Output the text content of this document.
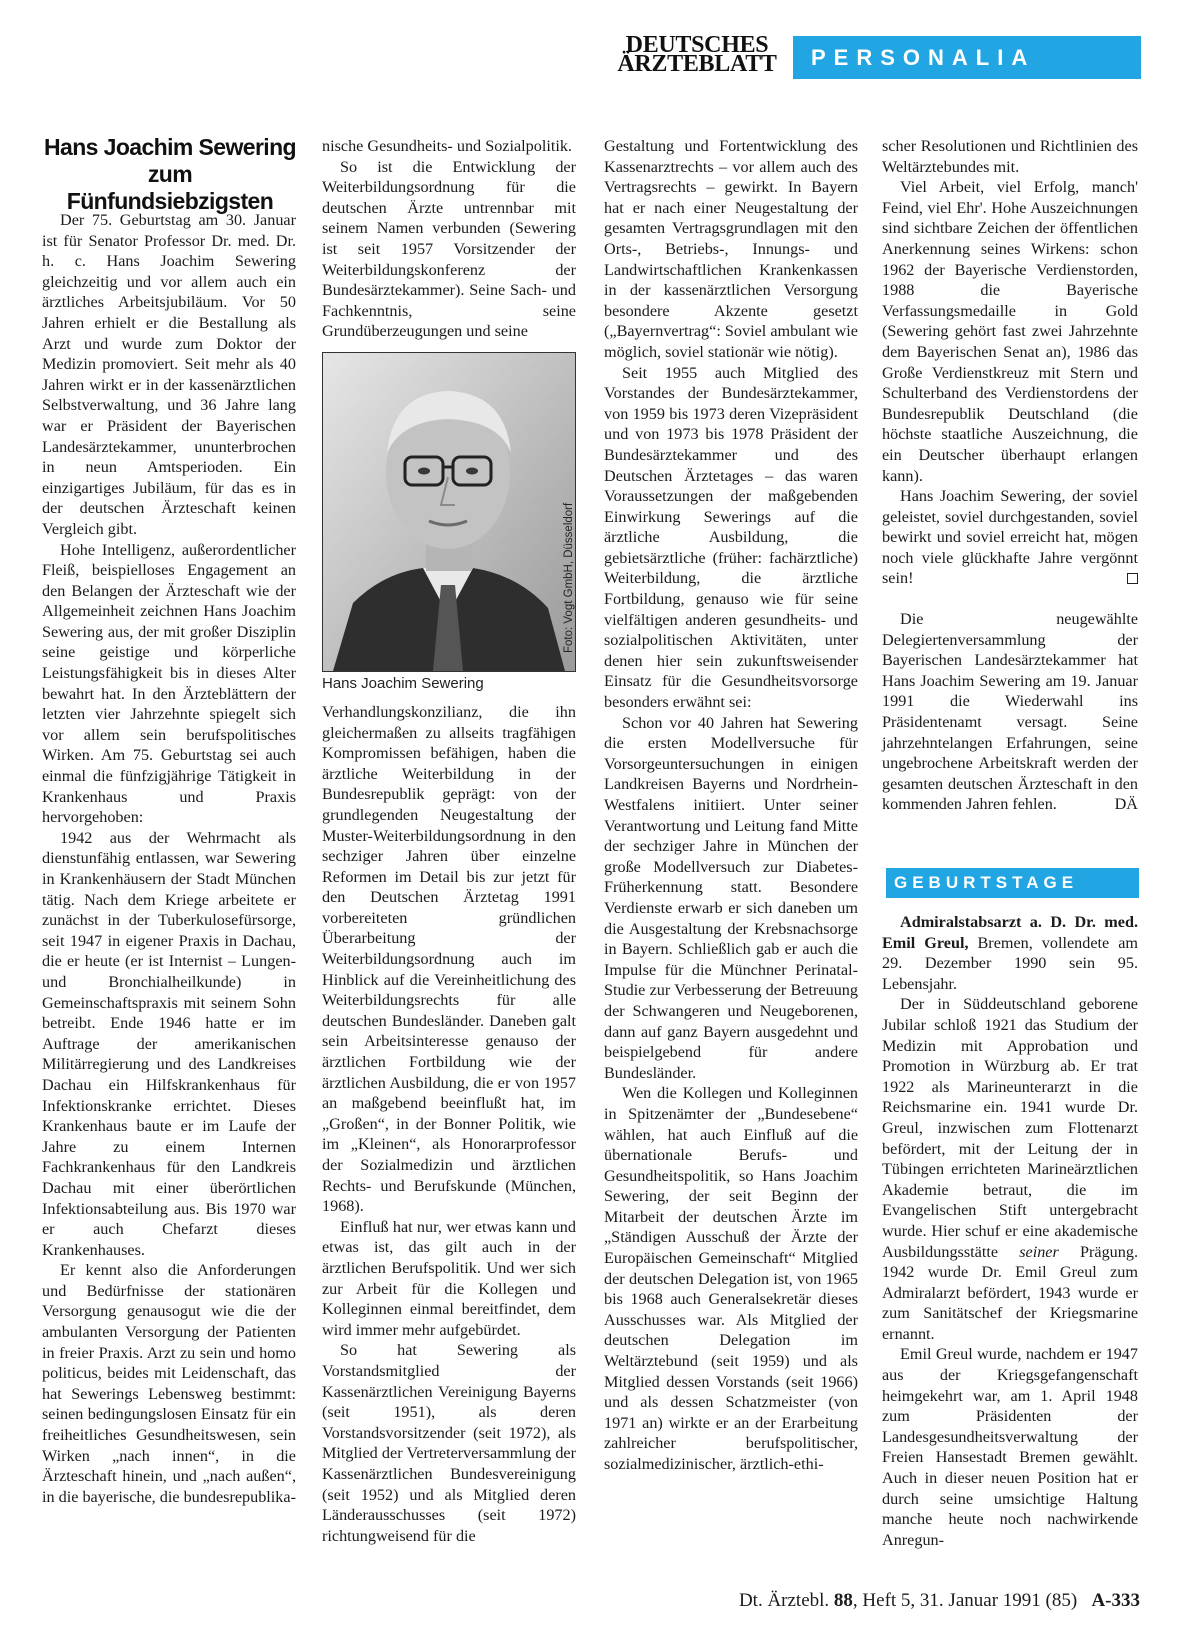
DEUTSCHES
ÄRZTEBLATT	PERSONALIA
Hans Joachim Sewering zum Fünfundsiebzigsten

Der 75. Geburtstag am 30. Januar ist für Senator Professor Dr. med. Dr. h. c. Hans Joachim Sewering gleichzeitig und vor allem auch ein ärztliches Arbeitsjubiläum. Vor 50 Jahren erhielt er die Bestallung als Arzt und wurde zum Doktor der Medizin promoviert. Seit mehr als 40 Jahren wirkt er in der kassenärztlichen Selbstverwaltung, und 36 Jahre lang war er Präsident der Bayerischen Landesärztekammer, ununterbrochen in neun Amtsperioden. Ein einzigartiges Jubiläum, für das es in der deutschen Ärzteschaft keinen Vergleich gibt.

Hohe Intelligenz, außerordentlicher Fleiß, beispielloses Engagement an den Belangen der Ärzteschaft wie der Allgemeinheit zeichnen Hans Joachim Sewering aus, der mit großer Disziplin seine geistige und körperliche Leistungsfähigkeit bis in dieses Alter bewahrt hat. In den Ärzteblättern der letzten vier Jahrzehnte spiegelt sich vor allem sein berufspolitisches Wirken. Am 75. Geburtstag sei auch einmal die fünfzigjährige Tätigkeit in Krankenhaus und Praxis hervorgehoben:

1942 aus der Wehrmacht als dienstunfähig entlassen, war Sewering in Krankenhäusern der Stadt München tätig. Nach dem Kriege arbeitete er zunächst in der Tuberkulosefürsorge, seit 1947 in eigener Praxis in Dachau, die er heute (er ist Internist – Lungen- und Bronchialheilkunde) in Gemeinschaftspraxis mit seinem Sohn betreibt. Ende 1946 hatte er im Auftrage der amerikanischen Militärregierung und des Landkreises Dachau ein Hilfskrankenhaus für Infektionskranke errichtet. Dieses Krankenhaus baute er im Laufe der Jahre zu einem Internen Fachkrankenhaus für den Landkreis Dachau mit einer überörtlichen Infektionsabteilung aus. Bis 1970 war er auch Chefarzt dieses Krankenhauses.

Er kennt also die Anforderungen und Bedürfnisse der stationären Versorgung genausogut wie die der ambulanten Versorgung der Patienten in freier Praxis. Arzt zu sein und homo politicus, beides mit Leidenschaft, das hat Sewerings Lebensweg bestimmt: seinen bedingungslosen Einsatz für ein freiheitliches Gesundheitswesen, sein Wirken „nach innen“, in die Ärzteschaft hinein, und „nach außen“, in die bayerische, die bundesrepublika-

nische Gesundheits- und Sozialpolitik.

So ist die Entwicklung der Weiterbildungsordnung für die deutschen Ärzte untrennbar mit seinem Namen verbunden (Sewering ist seit 1957 Vorsitzender der Weiterbildungskonferenz der Bundesärztekammer). Seine Sach- und Fachkenntnis, seine Grundüberzeugungen und seine

Foto: Vogt GmbH, Düsseldorf
Hans Joachim Sewering

Verhandlungskonzilianz, die ihn gleichermaßen zu allseits tragfähigen Kompromissen befähigen, haben die ärztliche Weiterbildung in der Bundesrepublik geprägt: von der grundlegenden Neugestaltung der Muster-Weiterbildungsordnung in den sechziger Jahren über einzelne Reformen im Detail bis zur jetzt für den Deutschen Ärztetag 1991 vorbereiteten gründlichen Überarbeitung der Weiterbildungsordnung auch im Hinblick auf die Vereinheitlichung des Weiterbildungsrechts für alle deutschen Bundesländer. Daneben galt sein Arbeitsinteresse genauso der ärztlichen Fortbildung wie der ärztlichen Ausbildung, die er von 1957 an maßgebend beeinflußt hat, im „Großen“, in der Bonner Politik, wie im „Kleinen“, als Honorarprofessor der Sozialmedizin und ärztlichen Rechts- und Berufskunde (München, 1968).

Einfluß hat nur, wer etwas kann und etwas ist, das gilt auch in der ärztlichen Berufspolitik. Und wer sich zur Arbeit für die Kollegen und Kolleginnen einmal bereitfindet, dem wird immer mehr aufgebürdet.

So hat Sewering als Vorstandsmitglied der Kassenärztlichen Vereinigung Bayerns (seit 1951), als deren Vorstandsvorsitzender (seit 1972), als Mitglied der Vertreterversammlung der Kassenärztlichen Bundesvereinigung (seit 1952) und als Mitglied deren Länderausschusses (seit 1972) richtungweisend für die

Gestaltung und Fortentwicklung des Kassenarztrechts – vor allem auch des Vertragsrechts – gewirkt. In Bayern hat er nach einer Neugestaltung der gesamten Vertragsgrundlagen mit den Orts-, Betriebs-, Innungs- und Landwirtschaftlichen Krankenkassen in der kassenärztlichen Versorgung besondere Akzente gesetzt („Bayernvertrag“: Soviel ambulant wie möglich, soviel stationär wie nötig).

Seit 1955 auch Mitglied des Vorstandes der Bundesärztekammer, von 1959 bis 1973 deren Vizepräsident und von 1973 bis 1978 Präsident der Bundesärztekammer und des Deutschen Ärztetages – das waren Voraussetzungen der maßgebenden Einwirkung Sewerings auf die ärztliche Ausbildung, die gebietsärztliche (früher: fachärztliche) Weiterbildung, die ärztliche Fortbildung, genauso wie für seine vielfältigen anderen gesundheits- und sozialpolitischen Aktivitäten, unter denen hier sein zukunftsweisender Einsatz für die Gesundheitsvorsorge besonders erwähnt sei:

Schon vor 40 Jahren hat Sewering die ersten Modellversuche für Vorsorgeuntersuchungen in einigen Landkreisen Bayerns und Nordrhein-Westfalens initiiert. Unter seiner Verantwortung und Leitung fand Mitte der sechziger Jahre in München der große Modellversuch zur Diabetes-Früherkennung statt. Besondere Verdienste erwarb er sich daneben um die Ausgestaltung der Krebsnachsorge in Bayern. Schließlich gab er auch die Impulse für die Münchner Perinatal-Studie zur Verbesserung der Betreuung der Schwangeren und Neugeborenen, dann auf ganz Bayern ausgedehnt und beispielgebend für andere Bundesländer.

Wen die Kollegen und Kolleginnen in Spitzenämter der „Bundesebene“ wählen, hat auch Einfluß auf die übernationale Berufs- und Gesundheitspolitik, so Hans Joachim Sewering, der seit Beginn der Mitarbeit der deutschen Ärzte im „Ständigen Ausschuß der Ärzte der Europäischen Gemeinschaft“ Mitglied der deutschen Delegation ist, von 1965 bis 1968 auch Generalsekretär dieses Ausschusses war. Als Mitglied der deutschen Delegation im Weltärztebund (seit 1959) und als Mitglied dessen Vorstands (seit 1966) und als dessen Schatzmeister (von 1971 an) wirkte er an der Erarbeitung zahlreicher berufspolitischer, sozialmedizinischer, ärztlich-ethi-

scher Resolutionen und Richtlinien des Weltärztebundes mit.

Viel Arbeit, viel Erfolg, manch' Feind, viel Ehr'. Hohe Auszeichnungen sind sichtbare Zeichen der öffentlichen Anerkennung seines Wirkens: schon 1962 der Bayerische Verdienstorden, 1988 die Bayerische Verfassungsmedaille in Gold (Sewering gehört fast zwei Jahrzehnte dem Bayerischen Senat an), 1986 das Große Verdienstkreuz mit Stern und Schulterband des Verdienstordens der Bundesrepublik Deutschland (die höchste staatliche Auszeichnung, die ein Deutscher überhaupt erlangen kann).

Hans Joachim Sewering, der soviel geleistet, soviel durchgestanden, soviel bewirkt und soviel erreicht hat, mögen noch viele glückhafte Jahre vergönnt sein!

Die neugewählte Delegiertenversammlung der Bayerischen Landesärztekammer hat Hans Joachim Sewering am 19. Januar 1991 die Wiederwahl ins Präsidentenamt versagt. Seine jahrzehntelangen Erfahrungen, seine ungebrochene Arbeitskraft werden der gesamten deutschen Ärzteschaft in den kommenden Jahren fehlen.	DÄ

GEBURTSTAGE

Admiralstabsarzt a. D. Dr. med. Emil Greul, Bremen, vollendete am 29. Dezember 1990 sein 95. Lebensjahr.

Der in Süddeutschland geborene Jubilar schloß 1921 das Studium der Medizin mit Approbation und Promotion in Würzburg ab. Er trat 1922 als Marineunterarzt in die Reichsmarine ein. 1941 wurde Dr. Greul, inzwischen zum Flottenarzt befördert, mit der Leitung der in Tübingen errichteten Marineärztlichen Akademie betraut, die im Evangelischen Stift untergebracht wurde. Hier schuf er eine akademische Ausbildungsstätte seiner Prägung. 1942 wurde Dr. Emil Greul zum Admiralarzt befördert, 1943 wurde er zum Sanitätschef der Kriegsmarine ernannt.

Emil Greul wurde, nachdem er 1947 aus der Kriegsgefangenschaft heimgekehrt war, am 1. April 1948 zum Präsidenten der Landesgesundheitsverwaltung der Freien Hansestadt Bremen gewählt. Auch in dieser neuen Position hat er durch seine umsichtige Haltung manche heute noch nachwirkende Anregun-

Dt. Ärztebl. 88, Heft 5, 31. Januar 1991 (85) A-333
